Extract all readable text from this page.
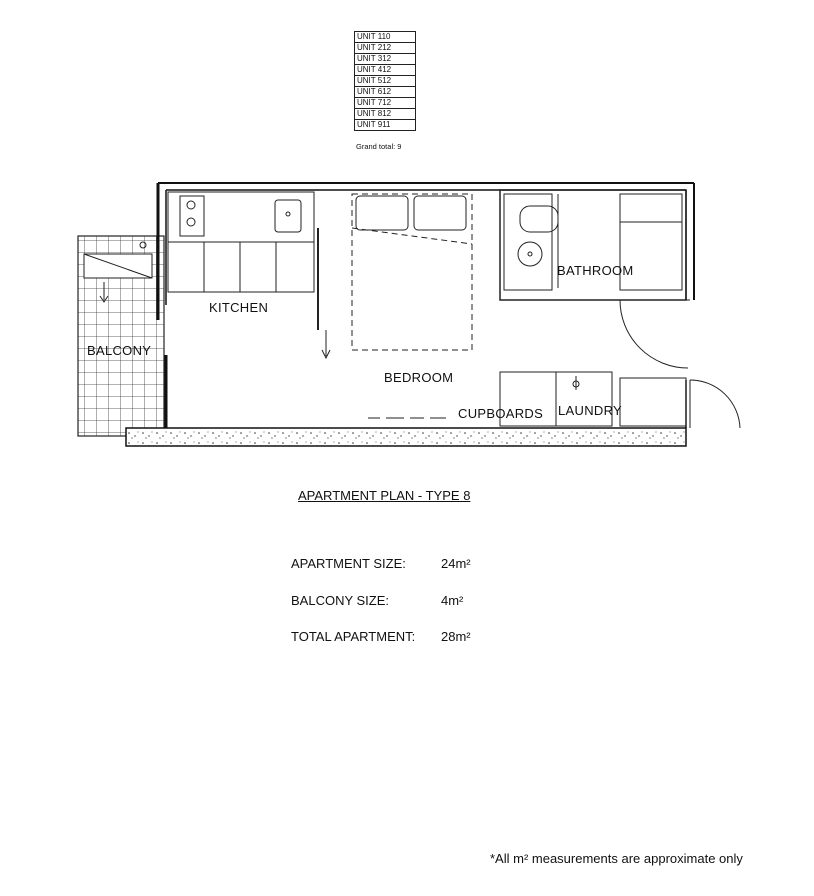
UNIT 110
UNIT 212
UNIT 312
UNIT 412
UNIT 512
UNIT 612
UNIT 712
UNIT 812
UNIT 911
Grand total: 9
KITCHEN
BALCONY
BEDROOM
BATHROOM
CUPBOARDS LAUNDRY
APARTMENT PLAN - TYPE 8
APARTMENT SIZE:	24m²
BALCONY SIZE:	4m²
TOTAL APARTMENT: 28m²
*All m² measurements are approximate only
